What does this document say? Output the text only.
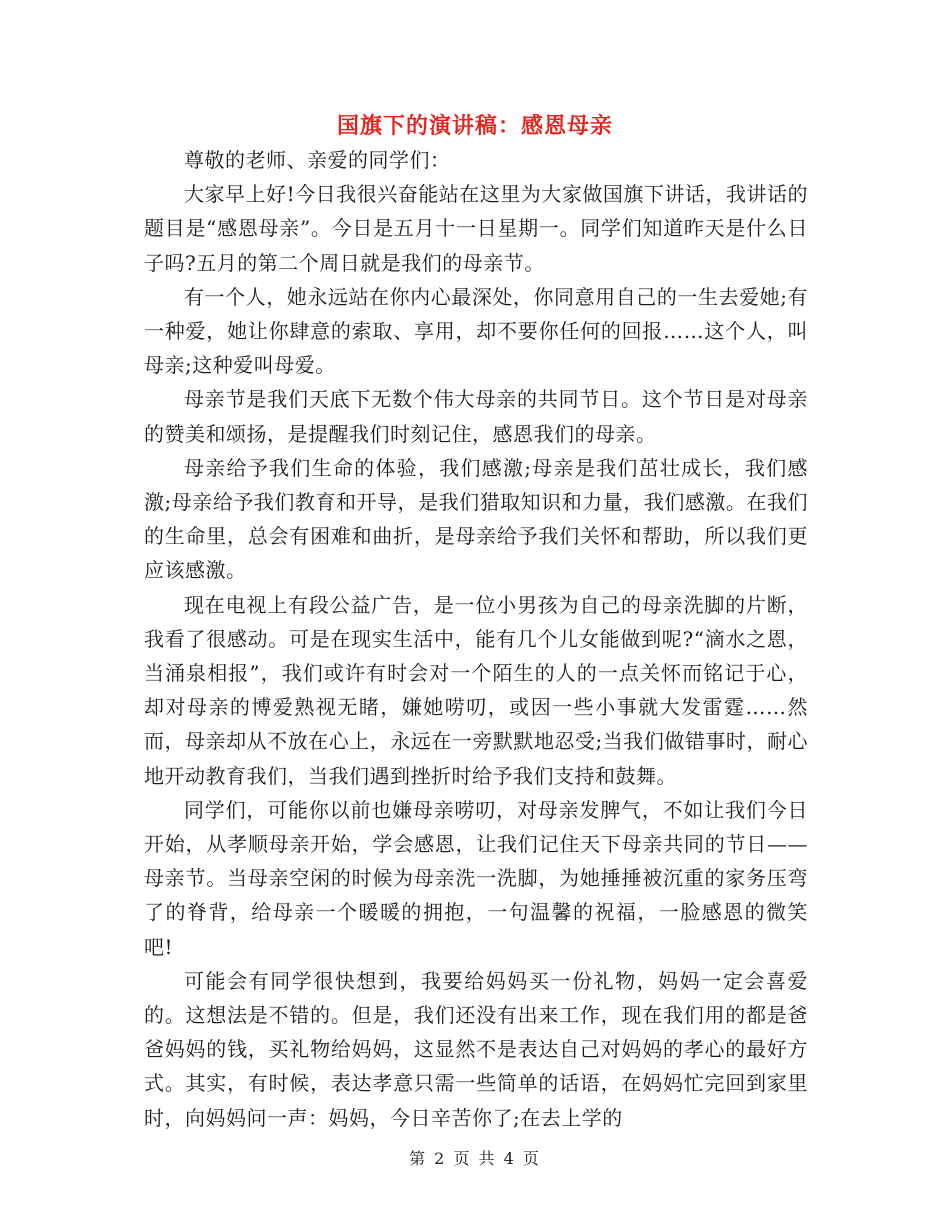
国旗下的演讲稿：感恩母亲

尊敬的老师、亲爱的同学们：

大家早上好!今日我很兴奋能站在这里为大家做国旗下讲话，我讲话的题目是“感恩母亲”。今日是五月十一日星期一。同学们知道昨天是什么日子吗?五月的第二个周日就是我们的母亲节。

有一个人，她永远站在你内心最深处，你同意用自己的一生去爱她;有一种爱，她让你肆意的索取、享用，却不要你任何的回报……这个人，叫母亲;这种爱叫母爱。

母亲节是我们天底下无数个伟大母亲的共同节日。这个节日是对母亲的赞美和颂扬，是提醒我们时刻记住，感恩我们的母亲。

母亲给予我们生命的体验，我们感激;母亲是我们茁壮成长，我们感激;母亲给予我们教育和开导，是我们猎取知识和力量，我们感激。在我们的生命里，总会有困难和曲折，是母亲给予我们关怀和帮助，所以我们更应该感激。

现在电视上有段公益广告，是一位小男孩为自己的母亲洗脚的片断，我看了很感动。可是在现实生活中，能有几个儿女能做到呢?“滴水之恩，当涌泉相报”，我们或许有时会对一个陌生的人的一点关怀而铭记于心，却对母亲的博爱熟视无睹，嫌她唠叨，或因一些小事就大发雷霆……然而，母亲却从不放在心上，永远在一旁默默地忍受;当我们做错事时，耐心地开动教育我们，当我们遇到挫折时给予我们支持和鼓舞。

同学们，可能你以前也嫌母亲唠叨，对母亲发脾气，不如让我们今日开始，从孝顺母亲开始，学会感恩，让我们记住天下母亲共同的节日——母亲节。当母亲空闲的时候为母亲洗一洗脚，为她捶捶被沉重的家务压弯了的脊背，给母亲一个暖暖的拥抱，一句温馨的祝福，一脸感恩的微笑吧!

可能会有同学很快想到，我要给妈妈买一份礼物，妈妈一定会喜爱的。这想法是不错的。但是，我们还没有出来工作，现在我们用的都是爸爸妈妈的钱，买礼物给妈妈，这显然不是表达自己对妈妈的孝心的最好方式。其实，有时候，表达孝意只需一些简单的话语，在妈妈忙完回到家里时，向妈妈问一声：妈妈，今日辛苦你了;在去上学的

第 2 页 共 4 页
